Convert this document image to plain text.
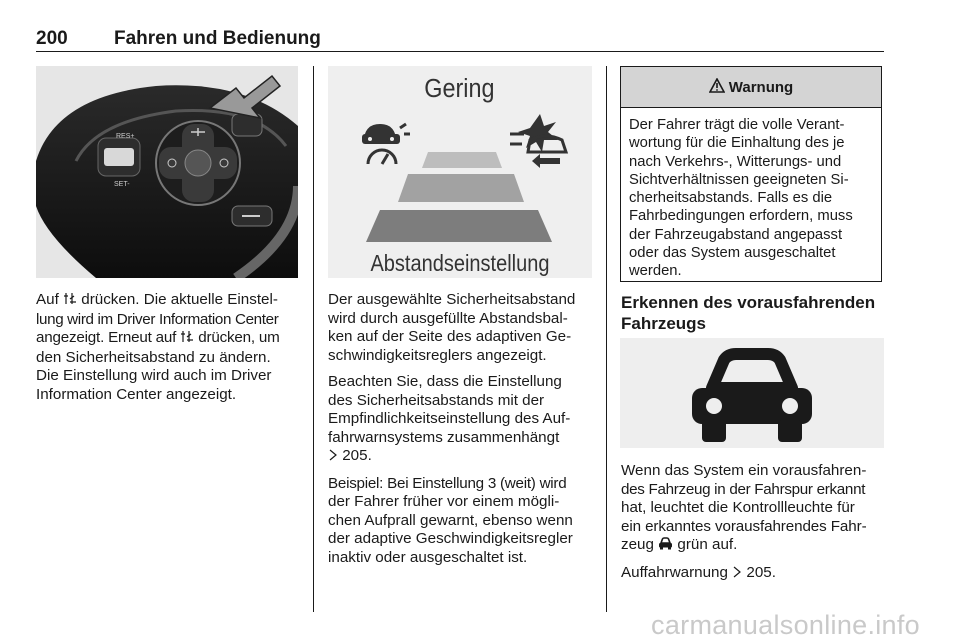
200 Fahren und Bedienung
RES+
SET-
Auf  drücken. Die aktuelle Einstel-
lung wird im Driver Information Center
angezeigt. Erneut auf  drücken, um
den Sicherheitsabstand zu ändern.
Die Einstellung wird auch im Driver
Information Center angezeigt.
Gering
Abstandseinstellung

Der ausgewählte Sicherheitsabstand
wird durch ausgefüllte Abstandsbal-
ken auf der Seite des adaptiven Ge-
schwindigkeitsreglers angezeigt.

Beachten Sie, dass die Einstellung
des Sicherheitsabstands mit der
Empfindlichkeitseinstellung des Auf-
fahrwarnsystems zusammenhängt
205.

Beispiel: Bei Einstellung 3 (weit) wird
der Fahrer früher vor einem mögli-
chen Aufprall gewarnt, ebenso wenn
der adaptive Geschwindigkeitsregler
inaktiv oder ausgeschaltet ist.

Warnung
Der Fahrer trägt die volle Verant-
wortung für die Einhaltung des je
nach Verkehrs-, Witterungs- und
Sichtverhältnissen geeigneten Si-
cherheitsabstands. Falls es die
Fahrbedingungen erfordern, muss
der Fahrzeugabstand angepasst
oder das System ausgeschaltet
werden.
Erkennen des vorausfahrenden Fahrzeugs

Wenn das System ein vorausfahren-
des Fahrzeug in der Fahrspur erkannt
hat, leuchtet die Kontrollleuchte für
ein erkanntes vorausfahrendes Fahr-
zeug  grün auf.

Auffahrwarnung  205.

carmanualsonline.info
